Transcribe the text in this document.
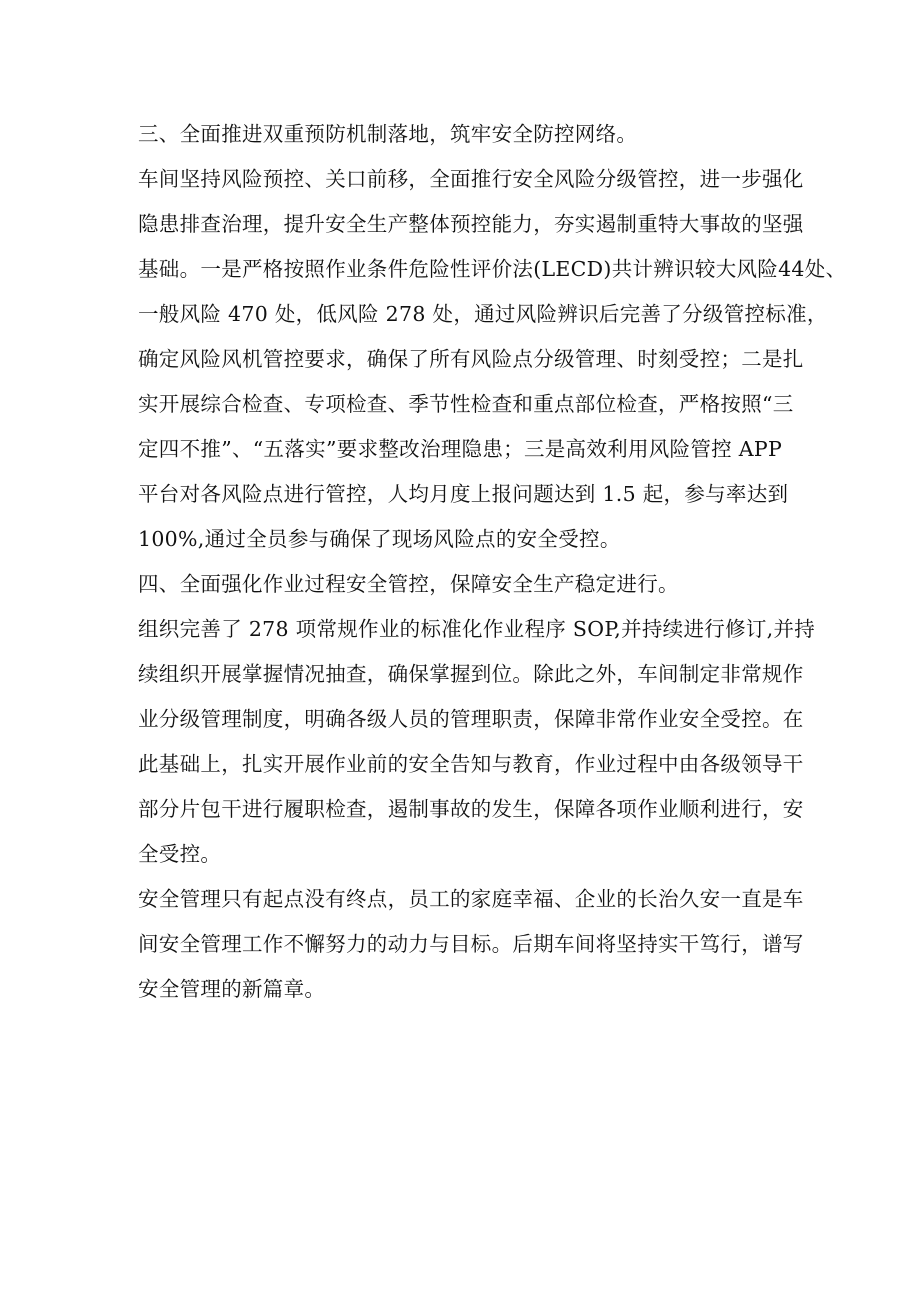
三、全面推进双重预防机制落地，筑牢安全防控网络。
车间坚持风险预控、关口前移，全面推行安全风险分级管控，进一步强化
隐患排查治理，提升安全生产整体预控能力，夯实遏制重特大事故的坚强
基础。一是严格按照作业条件危险性评价法(LECD)共计辨识较大风险44处、
一般风险 470 处，低风险 278 处，通过风险辨识后完善了分级管控标准，
确定风险风机管控要求，确保了所有风险点分级管理、时刻受控；二是扎
实开展综合检查、专项检查、季节性检查和重点部位检查，严格按照“三
定四不推”、“五落实”要求整改治理隐患；三是高效利用风险管控 APP
平台对各风险点进行管控，人均月度上报问题达到 1.5 起，参与率达到
100%,通过全员参与确保了现场风险点的安全受控。
四、全面强化作业过程安全管控，保障安全生产稳定进行。
组织完善了 278 项常规作业的标准化作业程序 SOP,并持续进行修订,并持
续组织开展掌握情况抽查，确保掌握到位。除此之外，车间制定非常规作
业分级管理制度，明确各级人员的管理职责，保障非常作业安全受控。在
此基础上，扎实开展作业前的安全告知与教育，作业过程中由各级领导干
部分片包干进行履职检查，遏制事故的发生，保障各项作业顺利进行，安
全受控。
安全管理只有起点没有终点，员工的家庭幸福、企业的长治久安一直是车
间安全管理工作不懈努力的动力与目标。后期车间将坚持实干笃行，谱写
安全管理的新篇章。
